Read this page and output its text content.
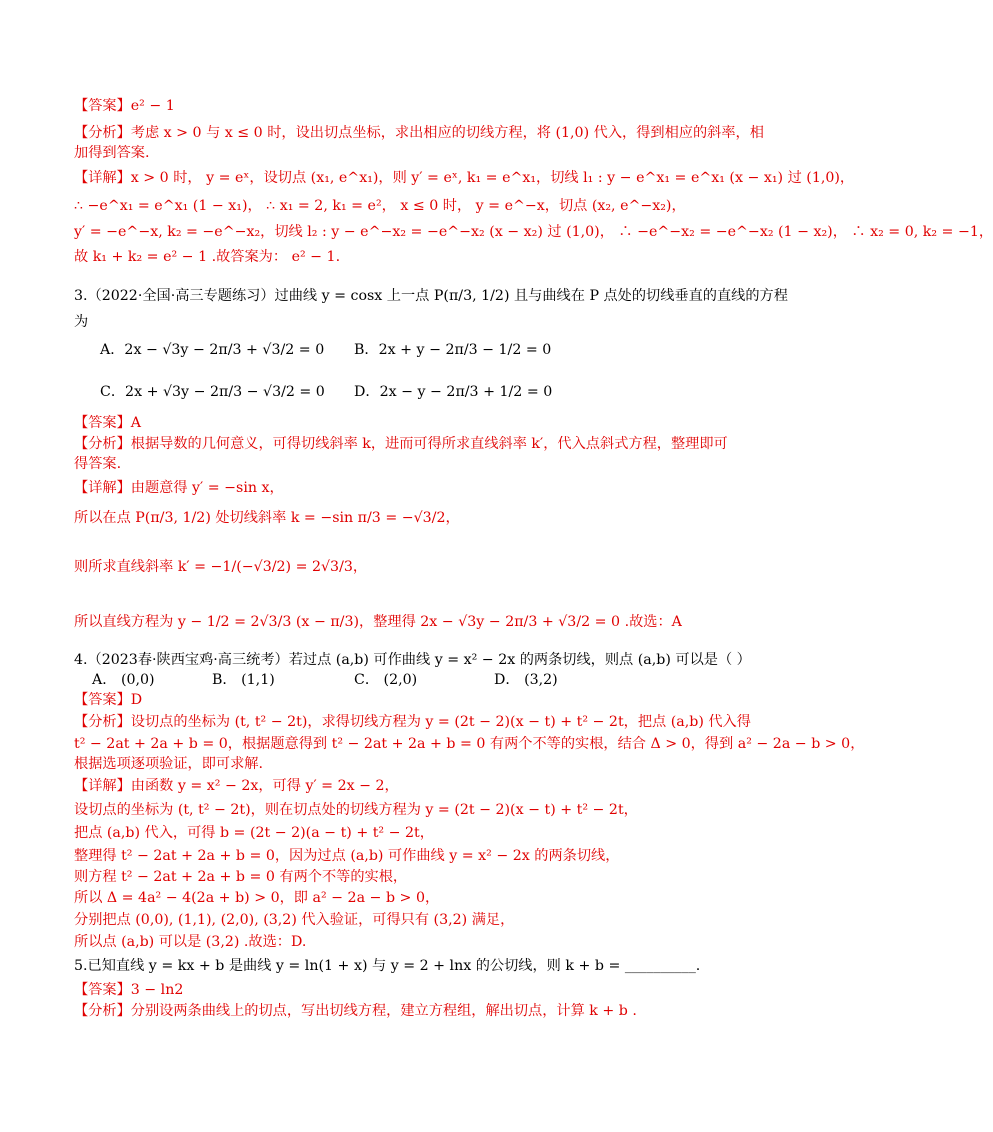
【答案】e² − 1
【分析】考虑 x > 0 与 x ≤ 0 时，设出切点坐标，求出相应的切线方程，将 (1,0) 代入，得到相应的斜率，相
加得到答案.
【详解】x > 0 时， y = eˣ，设切点 (x₁, e^x₁)，则 y′ = eˣ, k₁ = e^x₁，切线 l₁ : y − e^x₁ = e^x₁ (x − x₁) 过 (1,0)，
∴ −e^x₁ = e^x₁ (1 − x₁)， ∴ x₁ = 2, k₁ = e²， x ≤ 0 时， y = e^−x，切点 (x₂, e^−x₂)，
y′ = −e^−x, k₂ = −e^−x₂，切线 l₂ : y − e^−x₂ = −e^−x₂ (x − x₂) 过 (1,0)， ∴ −e^−x₂ = −e^−x₂ (1 − x₂)， ∴ x₂ = 0, k₂ = −1，
故 k₁ + k₂ = e² − 1 .故答案为： e² − 1.
3.（2022·全国·高三专题练习）过曲线 y = cosx 上一点 P(π/3, 1/2) 且与曲线在 P 点处的切线垂直的直线的方程
为
A．2x − √3y − 2π/3 + √3/2 = 0 B．2x + y − 2π/3 − 1/2 = 0
C．2x + √3y − 2π/3 − √3/2 = 0 D．2x − y − 2π/3 + 1/2 = 0
【答案】A
【分析】根据导数的几何意义，可得切线斜率 k，进而可得所求直线斜率 k′，代入点斜式方程，整理即可
得答案.
【详解】由题意得 y′ = −sin x，
所以在点 P(π/3, 1/2) 处切线斜率 k = −sin π/3 = −√3/2，
则所求直线斜率 k′ = −1/(−√3/2) = 2√3/3，
所以直线方程为 y − 1/2 = 2√3/3 (x − π/3)，整理得 2x − √3y − 2π/3 + √3/2 = 0 .故选：A
4.（2023春·陕西宝鸡·高三统考）若过点 (a,b) 可作曲线 y = x² − 2x 的两条切线，则点 (a,b) 可以是（ ）
A． (0,0)	B． (1,1)	C． (2,0)	D． (3,2)
【答案】D
【分析】设切点的坐标为 (t, t² − 2t)，求得切线方程为 y = (2t − 2)(x − t) + t² − 2t，把点 (a,b) 代入得
t² − 2at + 2a + b = 0，根据题意得到 t² − 2at + 2a + b = 0 有两个不等的实根，结合 Δ > 0，得到 a² − 2a − b > 0，
根据选项逐项验证，即可求解.
【详解】由函数 y = x² − 2x，可得 y′ = 2x − 2，
设切点的坐标为 (t, t² − 2t)，则在切点处的切线方程为 y = (2t − 2)(x − t) + t² − 2t，
把点 (a,b) 代入，可得 b = (2t − 2)(a − t) + t² − 2t，
整理得 t² − 2at + 2a + b = 0，因为过点 (a,b) 可作曲线 y = x² − 2x 的两条切线，
则方程 t² − 2at + 2a + b = 0 有两个不等的实根，
所以 Δ = 4a² − 4(2a + b) > 0，即 a² − 2a − b > 0，
分别把点 (0,0), (1,1), (2,0), (3,2) 代入验证，可得只有 (3,2) 满足，
所以点 (a,b) 可以是 (3,2) .故选：D.
5.已知直线 y = kx + b 是曲线 y = ln(1 + x) 与 y = 2 + lnx 的公切线，则 k + b = __________.
【答案】3 − ln2
【分析】分别设两条曲线上的切点，写出切线方程，建立方程组，解出切点，计算 k + b .
